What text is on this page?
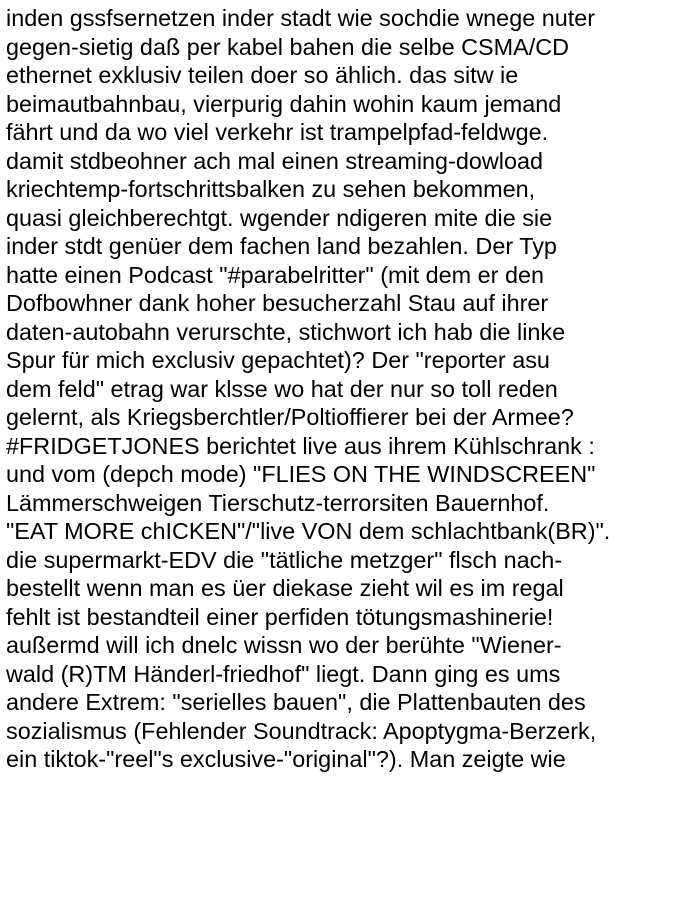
inden gssfsernetzen inder stadt wie sochdie wnege nuter
gegen-sietig daß per kabel bahen die selbe CSMA/CD
ethernet exklusiv teilen doer so ählich. das sitw ie
beimautbahnbau, vierpurig dahin wohin kaum jemand
fährt und da wo viel verkehr ist trampelpfad-feldwge.
damit stdbeohner ach mal einen streaming-dowload
kriechtemp-fortschrittsbalken zu sehen bekommen,
quasi gleichberechtgt. wgender ndigeren mite die sie
inder stdt genüer dem fachen land bezahlen. Der Typ
hatte einen Podcast "#parabelritter" (mit dem er den
Dofbowhner dank hoher besucherzahl Stau auf ihrer
daten-autobahn verurschte, stichwort ich hab die linke
Spur für mich exclusiv gepachtet)? Der "reporter asu
dem feld" etrag war klsse wo hat der nur so toll reden
gelernt, als Kriegsberchtler/Poltioffierer bei der Armee?
#FRIDGETJONES berichtet live aus ihrem Kühlschrank :
und vom (depch mode) "FLIES ON THE WINDSCREEN"
Lämmerschweigen Tierschutz-terrorsiten Bauernhof.
"EAT MORE chICKEN"/"live VON dem schlachtbank(BR)".
die supermarkt-EDV die "tätliche metzger" flsch nach-
bestellt wenn man es üer diekase zieht wil es im regal
fehlt ist bestandteil einer perfiden tötungsmashinerie!
außermd will ich dnelc wissn wo der berühte "Wiener-
wald (R)TM Händerl-friedhof" liegt. Dann ging es ums
andere Extrem: "serielles bauen", die Plattenbauten des
sozialismus (Fehlender Soundtrack: Apoptygma-Berzerk,
ein tiktok-"reel"s exclusive-"original"?). Man zeigte wie
